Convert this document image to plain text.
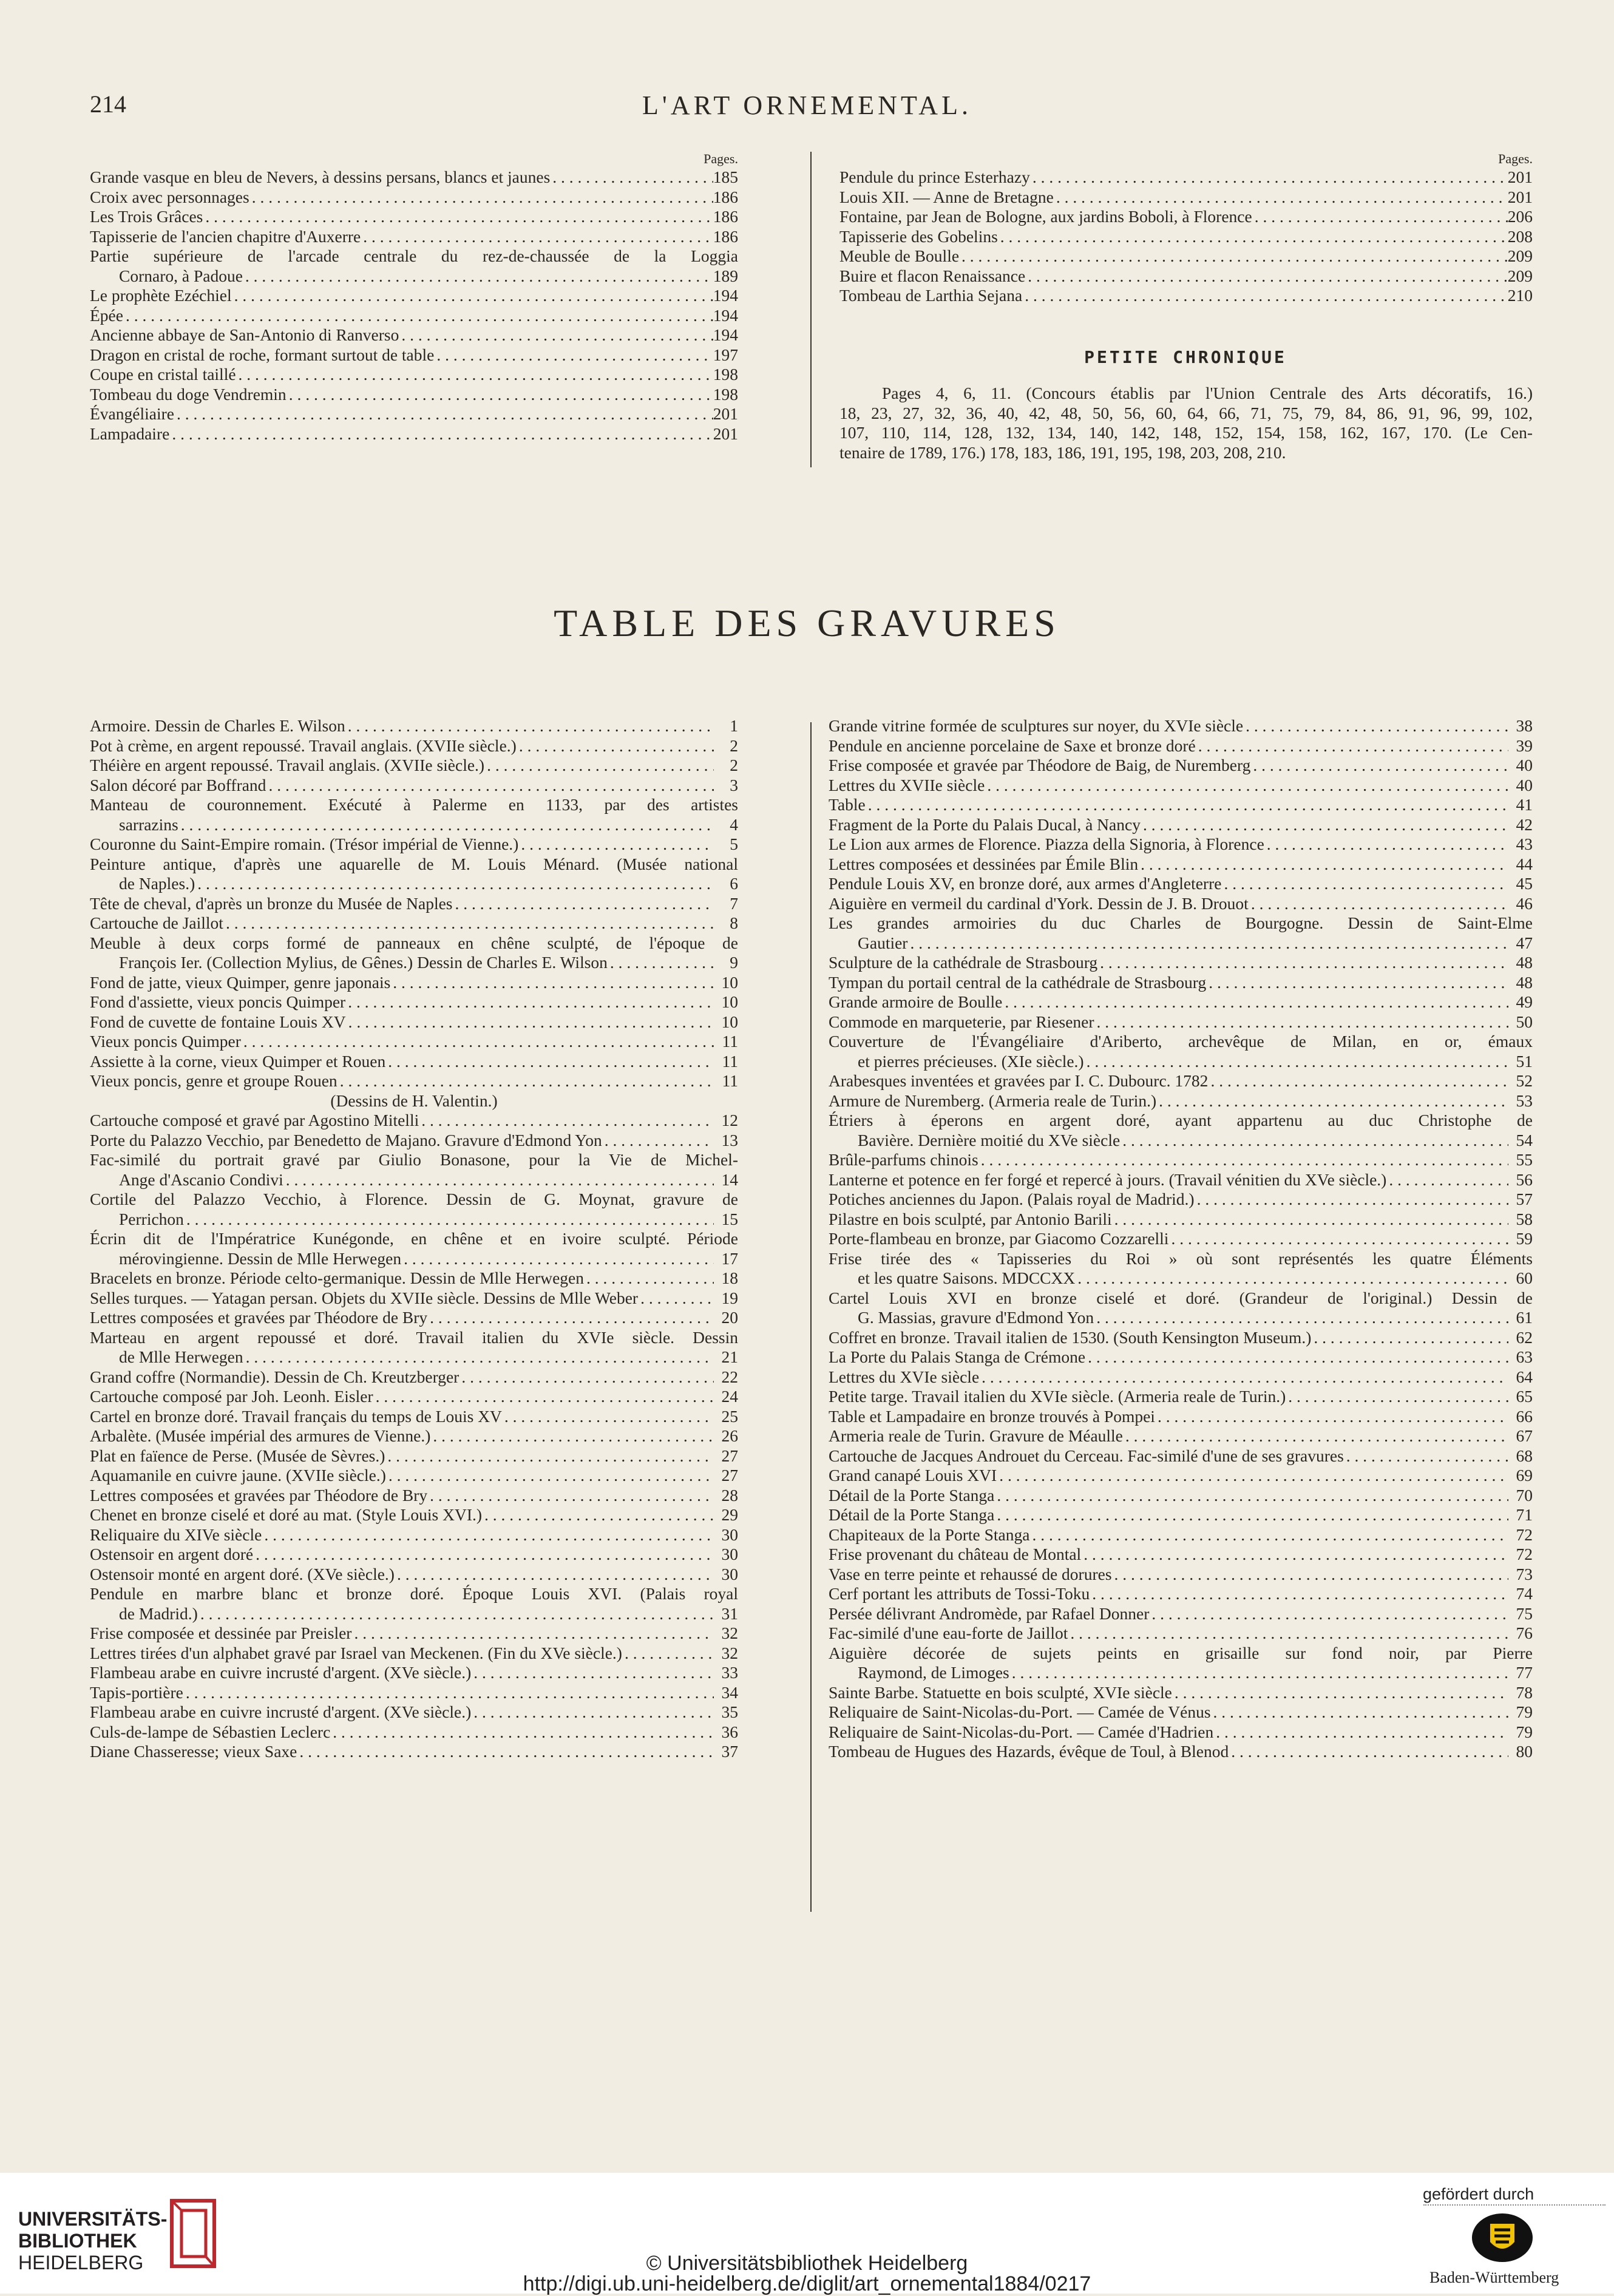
214	L'ART ORNEMENTAL.
Pages.
Grande vasque en bleu de Nevers, à dessins persans, blancs et jaunes . . .	185
Croix avec personnages . . .	186
Les Trois Grâces . . .	186
Tapisserie de l'ancien chapitre d'Auxerre . . .	186
Partie supérieure de l'arcade centrale du rez-de-chaussée de la Loggia
Cornaro, à Padoue . . .	189
Le prophète Ezéchiel . . .	194
Épée . . .	194
Ancienne abbaye de San-Antonio di Ranverso . . .	194
Dragon en cristal de roche, formant surtout de table . . .	197
Coupe en cristal taillé . . .	198
Tombeau du doge Vendremin . . .	198
Évangéliaire . . .	201
Lampadaire . . .	201
Pages.
Pendule du prince Esterhazy . . .	201
Louis XII. — Anne de Bretagne . . .	201
Fontaine, par Jean de Bologne, aux jardins Boboli, à Florence . . .	206
Tapisserie des Gobelins . . .	208
Meuble de Boulle . . .	209
Buire et flacon Renaissance . . .	209
Tombeau de Larthia Sejana . . .	210
PETITE CHRONIQUE
Pages 4, 6, 11. (Concours établis par l'Union Centrale des Arts décoratifs, 16.)
18, 23, 27, 32, 36, 40, 42, 48, 50, 56, 60, 64, 66, 71, 75, 79, 84, 86, 91, 96, 99, 102,
107, 110, 114, 128, 132, 134, 140, 142, 148, 152, 154, 158, 162, 167, 170. (Le Cen-
tenaire de 1789, 176.) 178, 183, 186, 191, 195, 198, 203, 208, 210.
TABLE DES GRAVURES
Armoire. Dessin de Charles E. Wilson . . .	1
Pot à crème, en argent repoussé. Travail anglais. (XVIIe siècle.) . . .	2
Théière en argent repoussé. Travail anglais. (XVIIe siècle.) . . .	2
Salon décoré par Boffrand . . .	3
Manteau de couronnement. Exécuté à Palerme en 1133, par des artistes
sarrazins . . .	4
Couronne du Saint-Empire romain. (Trésor impérial de Vienne.) . . .	5
Peinture antique, d'après une aquarelle de M. Louis Ménard. (Musée national
de Naples.) . . .	6
Tête de cheval, d'après un bronze du Musée de Naples . . .	7
Cartouche de Jaillot . . .	8
Meuble à deux corps formé de panneaux en chêne sculpté, de l'époque de
François Ier. (Collection Mylius, de Gênes.) Dessin de Charles E. Wilson . . .	9
Fond de jatte, vieux Quimper, genre japonais . . .	10
Fond d'assiette, vieux poncis Quimper . . .	10
Fond de cuvette de fontaine Louis XV . . .	10
Vieux poncis Quimper . . .	11
Assiette à la corne, vieux Quimper et Rouen . . .	11
Vieux poncis, genre et groupe Rouen . . .	11
(Dessins de H. Valentin.)
Cartouche composé et gravé par Agostino Mitelli . . .	12
Porte du Palazzo Vecchio, par Benedetto de Majano. Gravure d'Edmond Yon . . .	13
Fac-similé du portrait gravé par Giulio Bonasone, pour la Vie de Michel-
Ange d'Ascanio Condivi . . .	14
Cortile del Palazzo Vecchio, à Florence. Dessin de G. Moynat, gravure de
Perrichon . . .	15
Écrin dit de l'Impératrice Kunégonde, en chêne et en ivoire sculpté. Période
mérovingienne. Dessin de Mlle Herwegen . . .	17
Bracelets en bronze. Période celto-germanique. Dessin de Mlle Herwegen . . .	18
Selles turques. — Yatagan persan. Objets du XVIIe siècle. Dessins de Mlle Weber . . .	19
Lettres composées et gravées par Théodore de Bry . . .	20
Marteau en argent repoussé et doré. Travail italien du XVIe siècle. Dessin
de Mlle Herwegen . . .	21
Grand coffre (Normandie). Dessin de Ch. Kreutzberger . . .	22
Cartouche composé par Joh. Leonh. Eisler . . .	24
Cartel en bronze doré. Travail français du temps de Louis XV . . .	25
Arbalète. (Musée impérial des armures de Vienne.) . . .	26
Plat en faïence de Perse. (Musée de Sèvres.) . . .	27
Aquamanile en cuivre jaune. (XVIIe siècle.) . . .	27
Lettres composées et gravées par Théodore de Bry . . .	28
Chenet en bronze ciselé et doré au mat. (Style Louis XVI.) . . .	29
Reliquaire du XIVe siècle . . .	30
Ostensoir en argent doré . . .	30
Ostensoir monté en argent doré. (XVe siècle.) . . .	30
Pendule en marbre blanc et bronze doré. Époque Louis XVI. (Palais royal
de Madrid.) . . .	31
Frise composée et dessinée par Preisler . . .	32
Lettres tirées d'un alphabet gravé par Israel van Meckenen. (Fin du XVe siècle.) . . .	32
Flambeau arabe en cuivre incrusté d'argent. (XVe siècle.) . . .	33
Tapis-portière . . .	34
Flambeau arabe en cuivre incrusté d'argent. (XVe siècle.) . . .	35
Culs-de-lampe de Sébastien Leclerc . . .	36
Diane Chasseresse; vieux Saxe . . .	37
Grande vitrine formée de sculptures sur noyer, du XVIe siècle . . .	38
Pendule en ancienne porcelaine de Saxe et bronze doré . . .	39
Frise composée et gravée par Théodore de Baig, de Nuremberg . . .	40
Lettres du XVIIe siècle . . .	40
Table . . .	41
Fragment de la Porte du Palais Ducal, à Nancy . . .	42
Le Lion aux armes de Florence. Piazza della Signoria, à Florence . . .	43
Lettres composées et dessinées par Émile Blin . . .	44
Pendule Louis XV, en bronze doré, aux armes d'Angleterre . . .	45
Aiguière en vermeil du cardinal d'York. Dessin de J. B. Drouot . . .	46
Les grandes armoiries du duc Charles de Bourgogne. Dessin de Saint-Elme
Gautier . . .	47
Sculpture de la cathédrale de Strasbourg . . .	48
Tympan du portail central de la cathédrale de Strasbourg . . .	48
Grande armoire de Boulle . . .	49
Commode en marqueterie, par Riesener . . .	50
Couverture de l'Évangéliaire d'Ariberto, archevêque de Milan, en or, émaux
et pierres précieuses. (XIe siècle.) . . .	51
Arabesques inventées et gravées par I. C. Dubourc. 1782 . . .	52
Armure de Nuremberg. (Armeria reale de Turin.) . . .	53
Étriers à éperons en argent doré, ayant appartenu au duc Christophe de
Bavière. Dernière moitié du XVe siècle . . .	54
Brûle-parfums chinois . . .	55
Lanterne et potence en fer forgé et repercé à jours. (Travail vénitien du XVe siècle.) . . .	56
Potiches anciennes du Japon. (Palais royal de Madrid.) . . .	57
Pilastre en bois sculpté, par Antonio Barili . . .	58
Porte-flambeau en bronze, par Giacomo Cozzarelli . . .	59
Frise tirée des « Tapisseries du Roi » où sont représentés les quatre Éléments
et les quatre Saisons. MDCCXX . . .	60
Cartel Louis XVI en bronze ciselé et doré. (Grandeur de l'original.) Dessin de
G. Massias, gravure d'Edmond Yon . . .	61
Coffret en bronze. Travail italien de 1530. (South Kensington Museum.) . . .	62
La Porte du Palais Stanga de Crémone . . .	63
Lettres du XVIe siècle . . .	64
Petite targe. Travail italien du XVIe siècle. (Armeria reale de Turin.) . . .	65
Table et Lampadaire en bronze trouvés à Pompei . . .	66
Armeria reale de Turin. Gravure de Méaulle . . .	67
Cartouche de Jacques Androuet du Cerceau. Fac-similé d'une de ses gravures . . .	68
Grand canapé Louis XVI . . .	69
Détail de la Porte Stanga . . .	70
Détail de la Porte Stanga . . .	71
Chapiteaux de la Porte Stanga . . .	72
Frise provenant du château de Montal . . .	72
Vase en terre peinte et rehaussé de dorures . . .	73
Cerf portant les attributs de Tossi-Toku . . .	74
Persée délivrant Andromède, par Rafael Donner . . .	75
Fac-similé d'une eau-forte de Jaillot . . .	76
Aiguière décorée de sujets peints en grisaille sur fond noir, par Pierre
Raymond, de Limoges . . .	77
Sainte Barbe. Statuette en bois sculpté, XVIe siècle . . .	78
Reliquaire de Saint-Nicolas-du-Port. — Camée de Vénus . . .	79
Reliquaire de Saint-Nicolas-du-Port. — Camée d'Hadrien . . .	79
Tombeau de Hugues des Hazards, évêque de Toul, à Blenod . . .	80
UNIVERSITÄTS-
BIBLIOTHEK
HEIDELBERG	© Universitätsbibliothek Heidelberg
http://digi.ub.uni-heidelberg.de/diglit/art_ornemental1884/0217
gefördert durch
Baden-Württemberg
